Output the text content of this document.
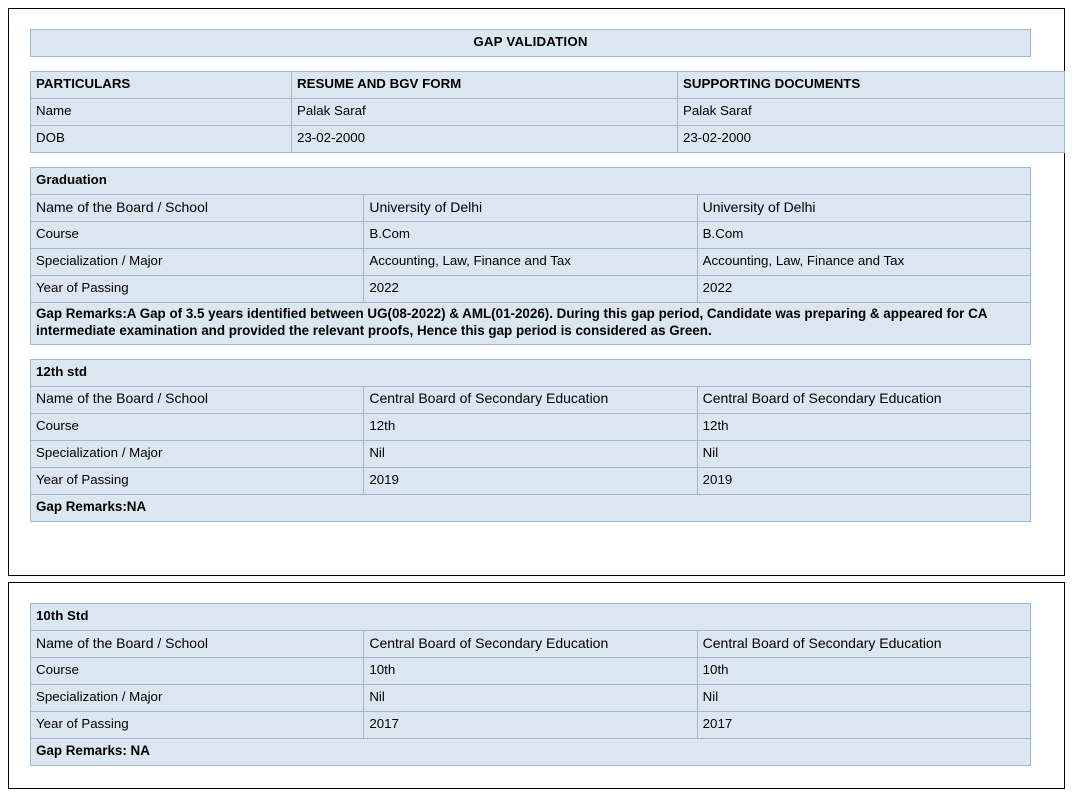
GAP VALIDATION
PARTICULARS	RESUME AND BGV FORM	SUPPORTING DOCUMENTS
Name	Palak Saraf	Palak Saraf
DOB	23-02-2000	23-02-2000
Graduation		
Name of the Board / School	University of Delhi	University of Delhi
Course	B.Com	B.Com
Specialization / Major	Accounting, Law, Finance and Tax	Accounting, Law, Finance and Tax
Year of Passing	2022	2022
Gap Remarks:A Gap of 3.5 years identified between UG(08-2022) & AML(01-2026). During this gap period, Candidate was preparing & appeared for CA intermediate examination and provided the relevant proofs, Hence this gap period is considered as Green.		
12th std		
Name of the Board / School	Central Board of Secondary Education	Central Board of Secondary Education
Course	12th	12th
Specialization / Major	Nil	Nil
Year of Passing	2019	2019
Gap Remarks:NA		
10th Std		
Name of the Board / School	Central Board of Secondary Education	Central Board of Secondary Education
Course	10th	10th
Specialization / Major	Nil	Nil
Year of Passing	2017	2017
Gap Remarks: NA		
